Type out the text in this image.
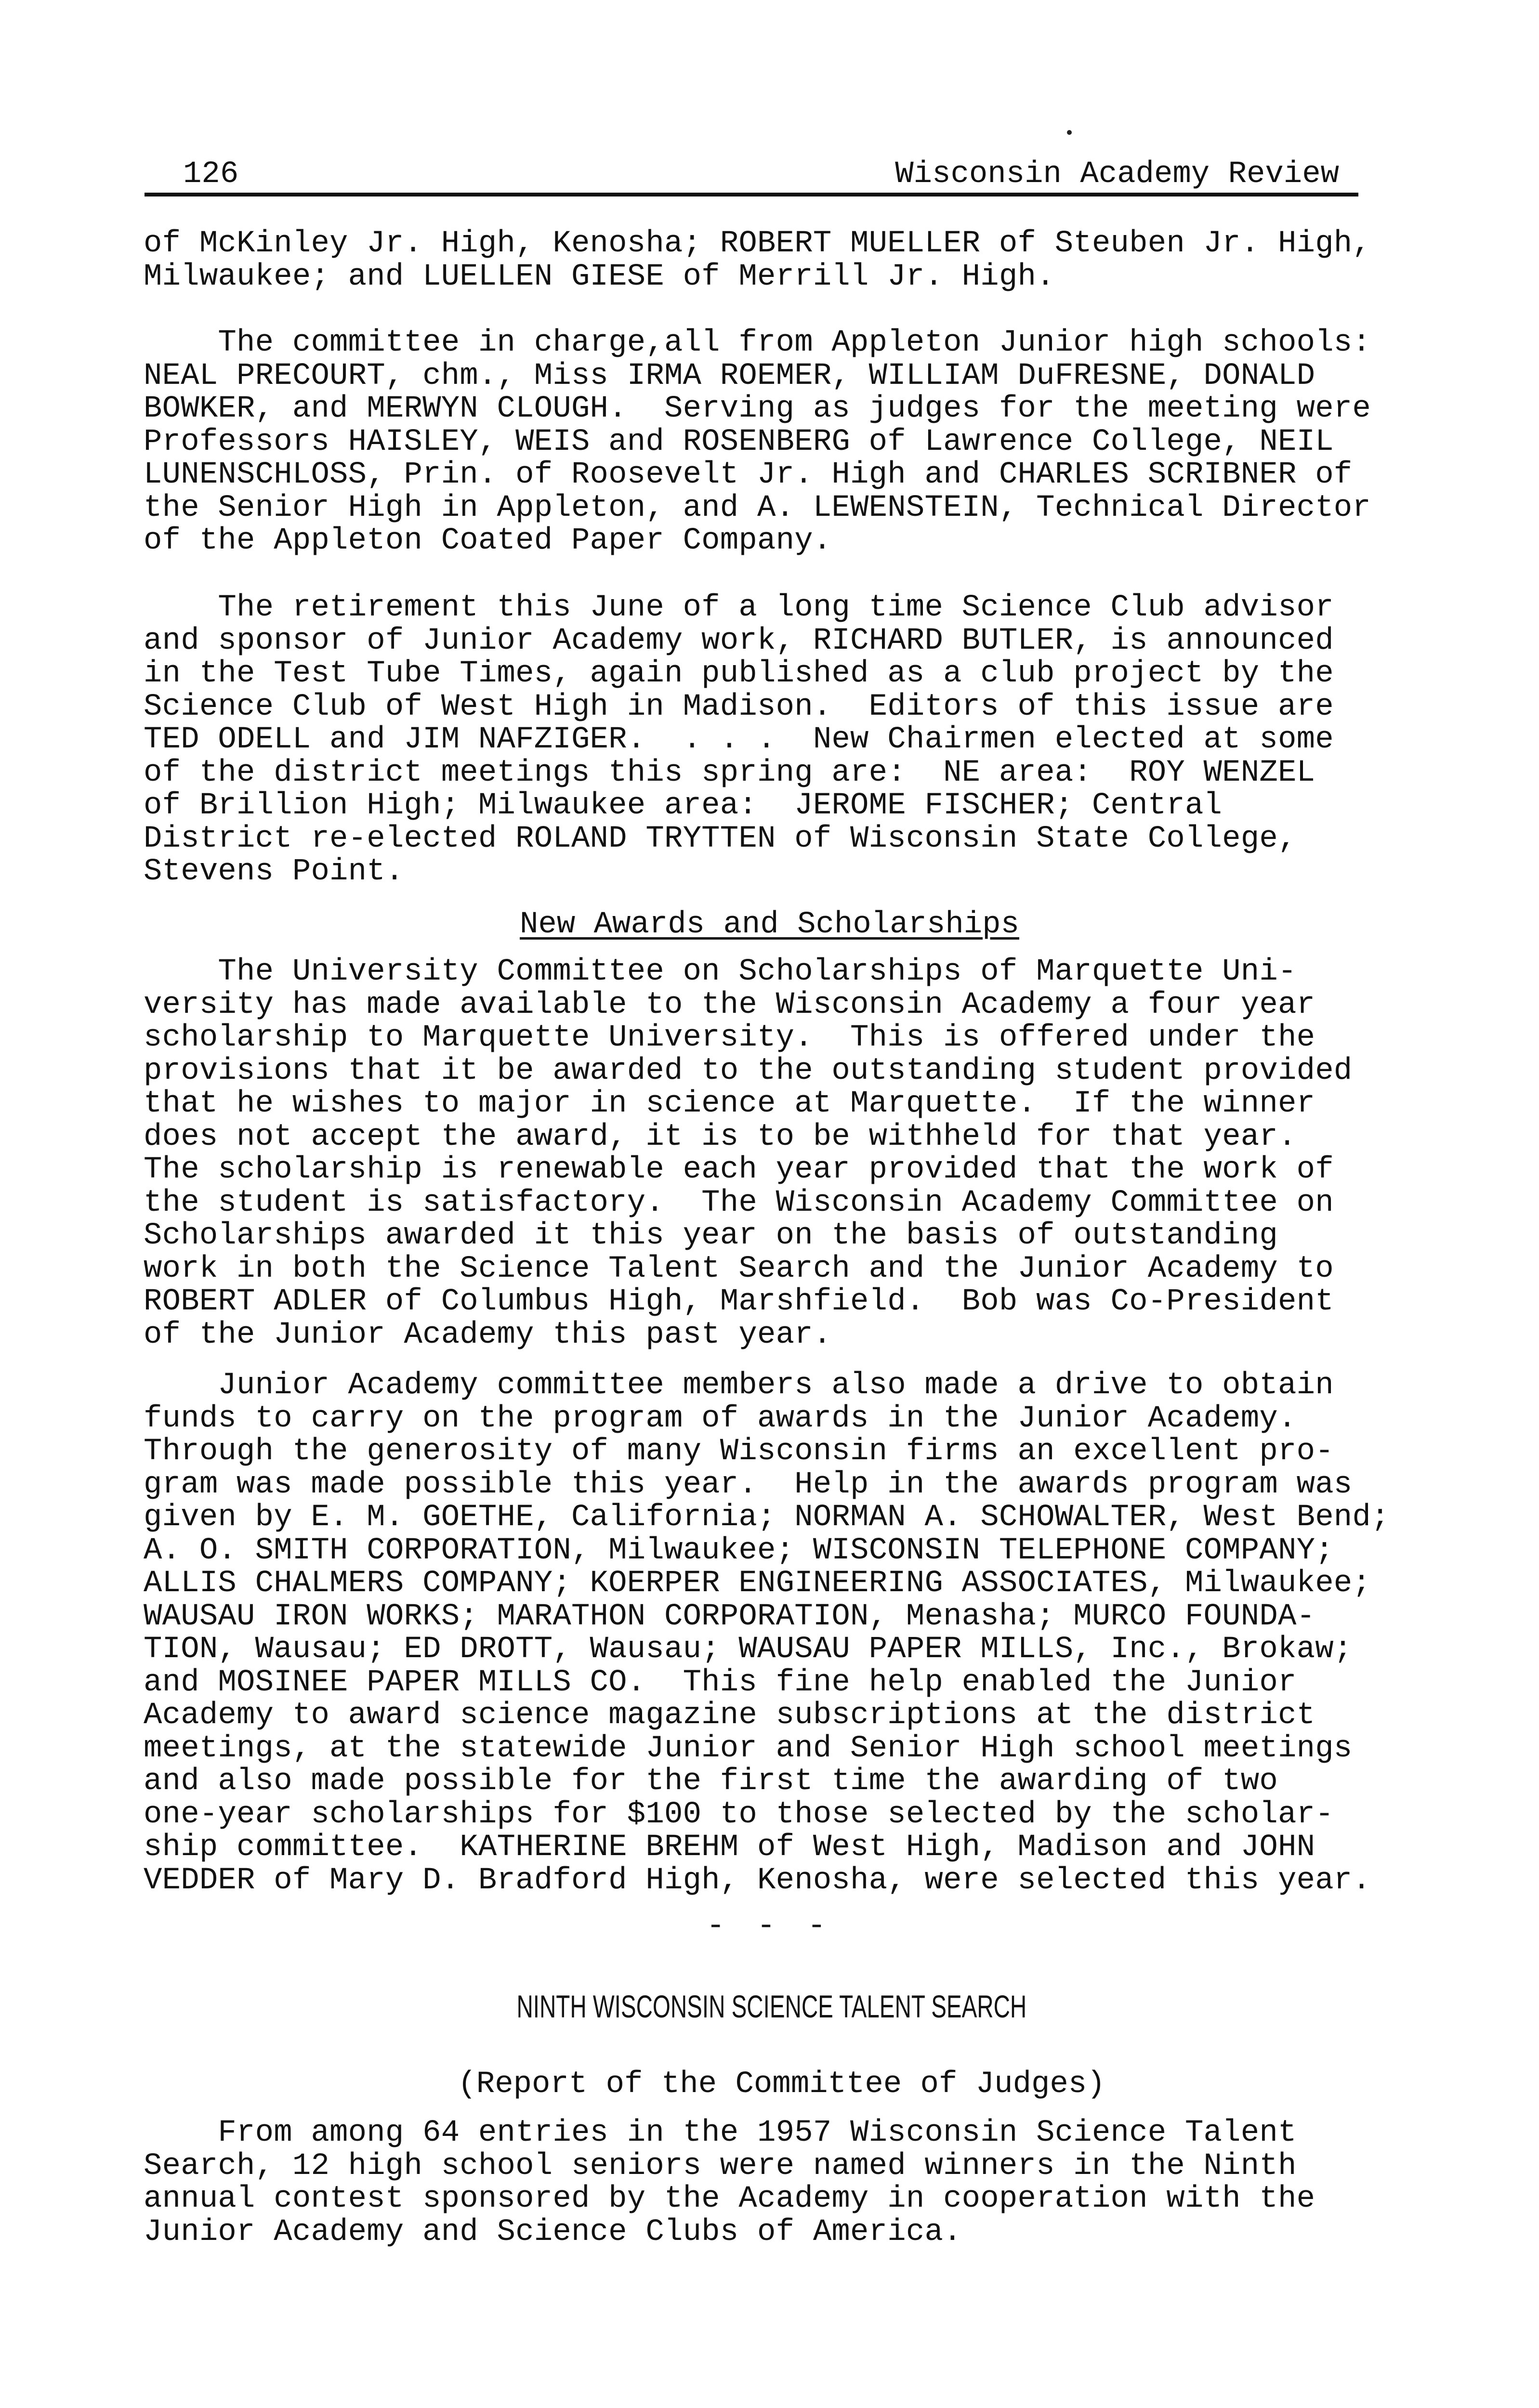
126	Wisconsin Academy Review
of McKinley Jr. High, Kenosha; ROBERT MUELLER of Steuben Jr. High,
Milwaukee; and LUELLEN GIESE of Merrill Jr. High.
The committee in charge,all from Appleton Junior high schools:
NEAL PRECOURT, chm., Miss IRMA ROEMER, WILLIAM DuFRESNE, DONALD
BOWKER, and MERWYN CLOUGH.  Serving as judges for the meeting were
Professors HAISLEY, WEIS and ROSENBERG of Lawrence College, NEIL
LUNENSCHLOSS, Prin. of Roosevelt Jr. High and CHARLES SCRIBNER of
the Senior High in Appleton, and A. LEWENSTEIN, Technical Director
of the Appleton Coated Paper Company.
The retirement this June of a long time Science Club advisor
and sponsor of Junior Academy work, RICHARD BUTLER, is announced
in the Test Tube Times, again published as a club project by the
Science Club of West High in Madison.  Editors of this issue are
TED ODELL and JIM NAFZIGER.  . . .  New Chairmen elected at some
of the district meetings this spring are:  NE area:  ROY WENZEL
of Brillion High; Milwaukee area:  JEROME FISCHER; Central
District re-elected ROLAND TRYTTEN of Wisconsin State College,
Stevens Point.
New Awards and Scholarships
The University Committee on Scholarships of Marquette Uni-
versity has made available to the Wisconsin Academy a four year
scholarship to Marquette University.  This is offered under the
provisions that it be awarded to the outstanding student provided
that he wishes to major in science at Marquette.  If the winner
does not accept the award, it is to be withheld for that year.
The scholarship is renewable each year provided that the work of
the student is satisfactory.  The Wisconsin Academy Committee on
Scholarships awarded it this year on the basis of outstanding
work in both the Science Talent Search and the Junior Academy to
ROBERT ADLER of Columbus High, Marshfield.  Bob was Co-President
of the Junior Academy this past year.
Junior Academy committee members also made a drive to obtain
funds to carry on the program of awards in the Junior Academy.
Through the generosity of many Wisconsin firms an excellent pro-
gram was made possible this year.  Help in the awards program was
given by E. M. GOETHE, California; NORMAN A. SCHOWALTER, West Bend;
A. O. SMITH CORPORATION, Milwaukee; WISCONSIN TELEPHONE COMPANY;
ALLIS CHALMERS COMPANY; KOERPER ENGINEERING ASSOCIATES, Milwaukee;
WAUSAU IRON WORKS; MARATHON CORPORATION, Menasha; MURCO FOUNDA-
TION, Wausau; ED DROTT, Wausau; WAUSAU PAPER MILLS, Inc., Brokaw;
and MOSINEE PAPER MILLS CO.  This fine help enabled the Junior
Academy to award science magazine subscriptions at the district
meetings, at the statewide Junior and Senior High school meetings
and also made possible for the first time the awarding of two
one-year scholarships for $100 to those selected by the scholar-
ship committee.  KATHERINE BREHM of West High, Madison and JOHN
VEDDER of Mary D. Bradford High, Kenosha, were selected this year.
- - -
NINTH WISCONSIN SCIENCE TALENT SEARCH
(Report of the Committee of Judges)
From among 64 entries in the 1957 Wisconsin Science Talent
Search, 12 high school seniors were named winners in the Ninth
annual contest sponsored by the Academy in cooperation with the
Junior Academy and Science Clubs of America.
